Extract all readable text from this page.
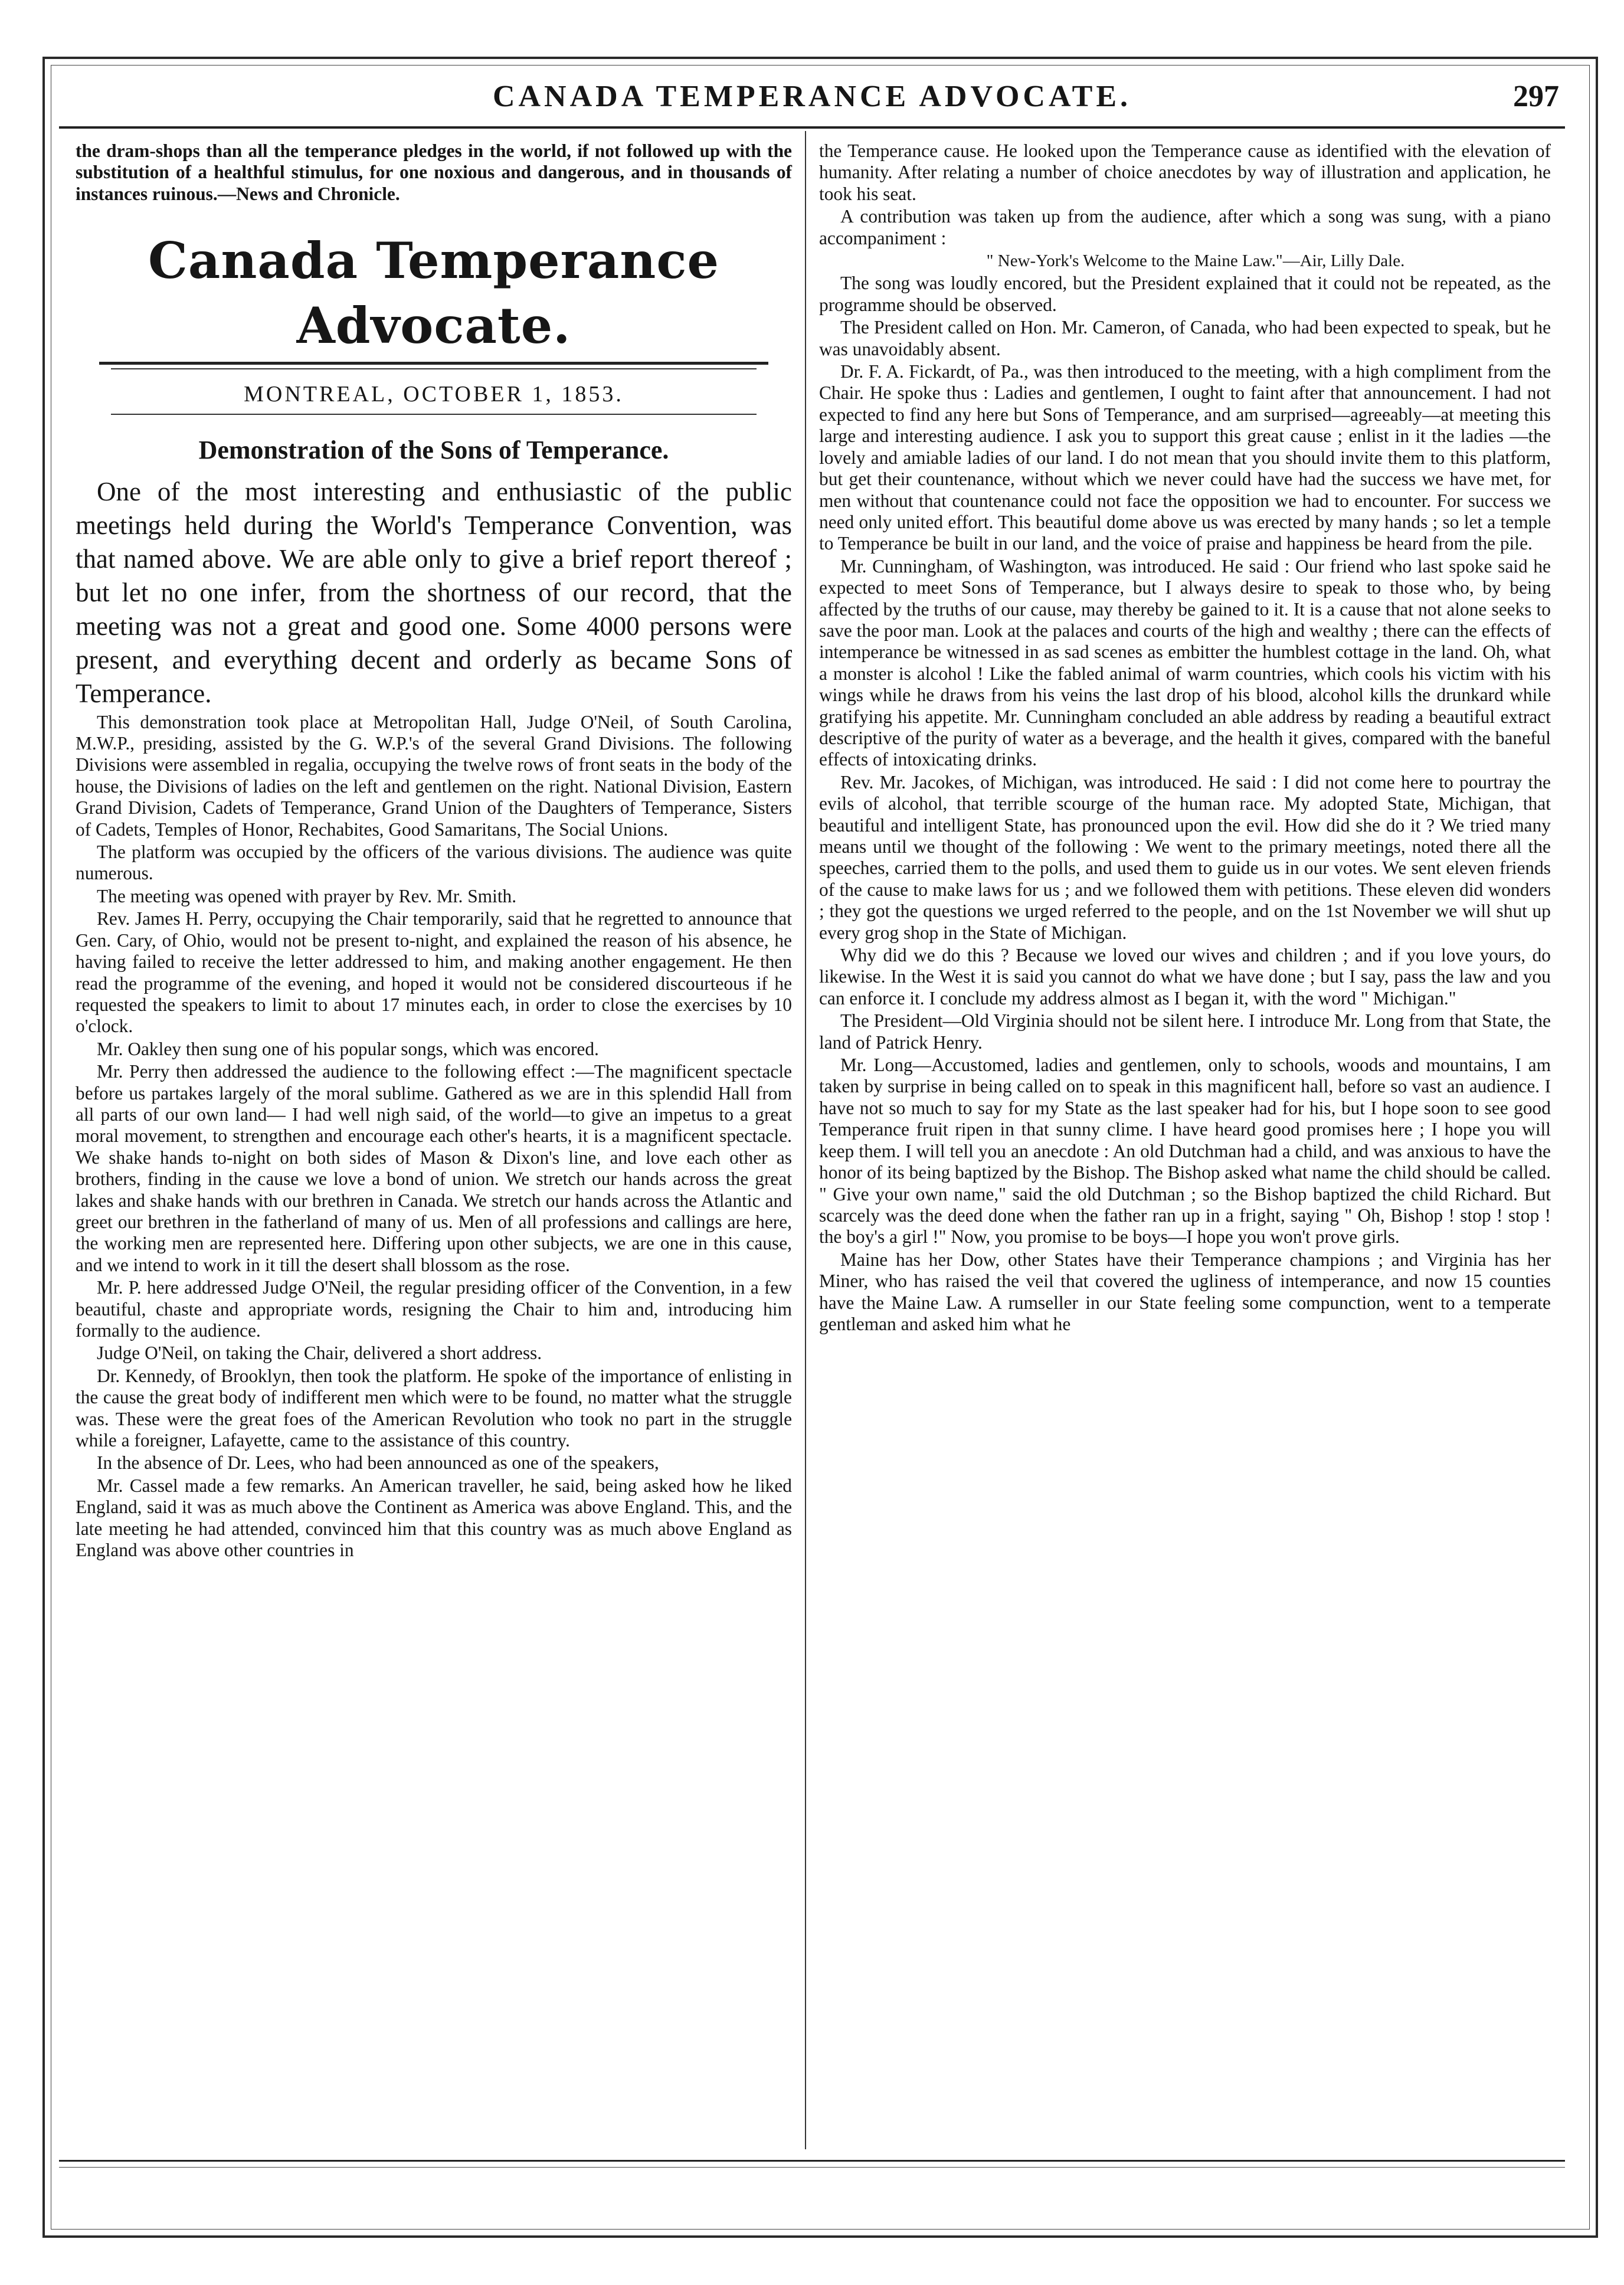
CANADA TEMPERANCE ADVOCATE.	297

the dram-shops than all the temperance pledges in the world, if not followed up with the substitution of a healthful stimulus, for one noxious and dangerous, and in thousands of instances ruinous.—News and Chronicle.

Canada Temperance Advocate.
MONTREAL, OCTOBER 1, 1853.
Demonstration of the Sons of Temperance.

One of the most interesting and enthusiastic of the public meetings held during the World's Temperance Convention, was that named above. We are able only to give a brief report thereof ; but let no one infer, from the shortness of our record, that the meeting was not a great and good one. Some 4000 persons were present, and everything decent and orderly as became Sons of Temperance.

This demonstration took place at Metropolitan Hall, Judge O'Neil, of South Carolina, M.W.P., presiding, assisted by the G. W.P.'s of the several Grand Divisions. The following Divisions were assembled in regalia, occupying the twelve rows of front seats in the body of the house, the Divisions of ladies on the left and gentlemen on the right. National Division, Eastern Grand Division, Cadets of Temperance, Grand Union of the Daughters of Temperance, Sisters of Cadets, Temples of Honor, Rechabites, Good Samaritans, The Social Unions.

The platform was occupied by the officers of the various divisions. The audience was quite numerous.

The meeting was opened with prayer by Rev. Mr. Smith.

Rev. James H. Perry, occupying the Chair temporarily, said that he regretted to announce that Gen. Cary, of Ohio, would not be present to-night, and explained the reason of his absence, he having failed to receive the letter addressed to him, and making another engagement. He then read the programme of the evening, and hoped it would not be considered discourteous if he requested the speakers to limit to about 17 minutes each, in order to close the exercises by 10 o'clock.

Mr. Oakley then sung one of his popular songs, which was encored.

Mr. Perry then addressed the audience to the following effect :—The magnificent spectacle before us partakes largely of the moral sublime. Gathered as we are in this splendid Hall from all parts of our own land— I had well nigh said, of the world—to give an impetus to a great moral movement, to strengthen and encourage each other's hearts, it is a magnificent spectacle. We shake hands to-night on both sides of Mason & Dixon's line, and love each other as brothers, finding in the cause we love a bond of union. We stretch our hands across the great lakes and shake hands with our brethren in Canada. We stretch our hands across the Atlantic and greet our brethren in the fatherland of many of us. Men of all professions and callings are here, the working men are represented here. Differing upon other subjects, we are one in this cause, and we intend to work in it till the desert shall blossom as the rose.

Mr. P. here addressed Judge O'Neil, the regular presiding officer of the Convention, in a few beautiful, chaste and appropriate words, resigning the Chair to him and, introducing him formally to the audience.

Judge O'Neil, on taking the Chair, delivered a short address.

Dr. Kennedy, of Brooklyn, then took the platform. He spoke of the importance of enlisting in the cause the great body of indifferent men which were to be found, no matter what the struggle was. These were the great foes of the American Revolution who took no part in the struggle while a foreigner, Lafayette, came to the assistance of this country.

In the absence of Dr. Lees, who had been announced as one of the speakers,

Mr. Cassel made a few remarks. An American traveller, he said, being asked how he liked England, said it was as much above the Continent as America was above England. This, and the late meeting he had attended, convinced him that this country was as much above England as England was above other countries in

the Temperance cause. He looked upon the Temperance cause as identified with the elevation of humanity. After relating a number of choice anecdotes by way of illustration and application, he took his seat.

A contribution was taken up from the audience, after which a song was sung, with a piano accompaniment :

" New-York's Welcome to the Maine Law."—Air, Lilly Dale.

The song was loudly encored, but the President explained that it could not be repeated, as the programme should be observed.

The President called on Hon. Mr. Cameron, of Canada, who had been expected to speak, but he was unavoidably absent.

Dr. F. A. Fickardt, of Pa., was then introduced to the meeting, with a high compliment from the Chair. He spoke thus : Ladies and gentlemen, I ought to faint after that announcement. I had not expected to find any here but Sons of Temperance, and am surprised—agreeably—at meeting this large and interesting audience. I ask you to support this great cause ; enlist in it the ladies —the lovely and amiable ladies of our land. I do not mean that you should invite them to this platform, but get their countenance, without which we never could have had the success we have met, for men without that countenance could not face the opposition we had to encounter. For success we need only united effort. This beautiful dome above us was erected by many hands ; so let a temple to Temperance be built in our land, and the voice of praise and happiness be heard from the pile.

Mr. Cunningham, of Washington, was introduced. He said : Our friend who last spoke said he expected to meet Sons of Temperance, but I always desire to speak to those who, by being affected by the truths of our cause, may thereby be gained to it. It is a cause that not alone seeks to save the poor man. Look at the palaces and courts of the high and wealthy ; there can the effects of intemperance be witnessed in as sad scenes as embitter the humblest cottage in the land. Oh, what a monster is alcohol ! Like the fabled animal of warm countries, which cools his victim with his wings while he draws from his veins the last drop of his blood, alcohol kills the drunkard while gratifying his appetite. Mr. Cunningham concluded an able address by reading a beautiful extract descriptive of the purity of water as a beverage, and the health it gives, compared with the baneful effects of intoxicating drinks.

Rev. Mr. Jacokes, of Michigan, was introduced. He said : I did not come here to pourtray the evils of alcohol, that terrible scourge of the human race. My adopted State, Michigan, that beautiful and intelligent State, has pronounced upon the evil. How did she do it ? We tried many means until we thought of the following : We went to the primary meetings, noted there all the speeches, carried them to the polls, and used them to guide us in our votes. We sent eleven friends of the cause to make laws for us ; and we followed them with petitions. These eleven did wonders ; they got the questions we urged referred to the people, and on the 1st November we will shut up every grog shop in the State of Michigan.

Why did we do this ? Because we loved our wives and children ; and if you love yours, do likewise. In the West it is said you cannot do what we have done ; but I say, pass the law and you can enforce it. I conclude my address almost as I began it, with the word " Michigan."

The President—Old Virginia should not be silent here. I introduce Mr. Long from that State, the land of Patrick Henry.

Mr. Long—Accustomed, ladies and gentlemen, only to schools, woods and mountains, I am taken by surprise in being called on to speak in this magnificent hall, before so vast an audience. I have not so much to say for my State as the last speaker had for his, but I hope soon to see good Temperance fruit ripen in that sunny clime. I have heard good promises here ; I hope you will keep them. I will tell you an anecdote : An old Dutchman had a child, and was anxious to have the honor of its being baptized by the Bishop. The Bishop asked what name the child should be called. " Give your own name," said the old Dutchman ; so the Bishop baptized the child Richard. But scarcely was the deed done when the father ran up in a fright, saying " Oh, Bishop ! stop ! stop ! the boy's a girl !" Now, you promise to be boys—I hope you won't prove girls.

Maine has her Dow, other States have their Temperance champions ; and Virginia has her Miner, who has raised the veil that covered the ugliness of intemperance, and now 15 counties have the Maine Law. A rumseller in our State feeling some compunction, went to a temperate gentleman and asked him what he
